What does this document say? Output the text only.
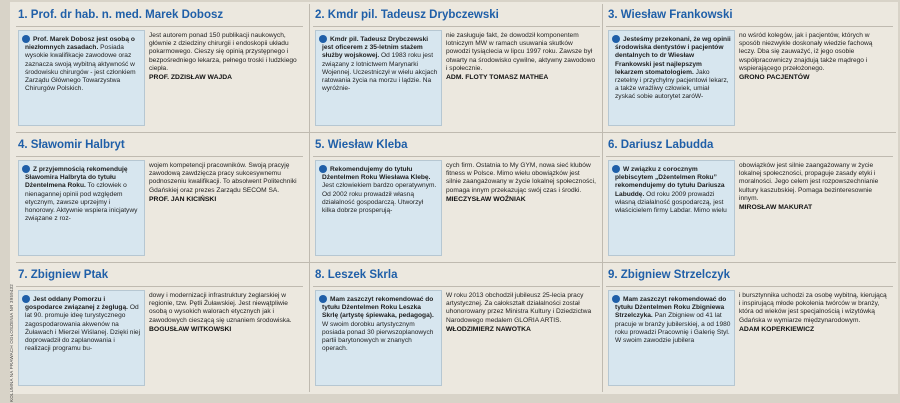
KOLUMNA NA PRAWACH OGŁOSZENIA NR 3959432
1. Prof. dr hab. n. med. Marek Dobosz
Prof. Marek Dobosz jest osobą o niezłomnych zasadach. Posiada wysokie kwalifikacje zawodowe oraz zaznacza swoją wybitną aktywność w środowisku chirurgów - jest członkiem Zarządu Głównego Towarzystwa Chirurgów Polskich.
Jest autorem ponad 150 publikacji naukowych, głównie z dziedziny chirurgii i endoskopii układu pokarmowego. Cieszy się opinią przystępnego i bezpośredniego lekarza, pełnego troski i ludzkiego ciepła.
PROF. ZDZISŁAW WAJDA
2. Kmdr pil. Tadeusz Drybczewski
Kmdr pil. Tadeusz Drybczewski jest oficerem z 35-letnim stażem służby wojskowej. Od 1983 roku jest związany z lotnictwem Marynarki Wojennej. Uczestniczył w wielu akcjach ratowania życia na morzu i lądzie. Na wyróżnie-
nie zasługuje fakt, że dowodził komponentem lotniczym MW w ramach usuwania skutków powodzi tysiąclecia w lipcu 1997 roku. Zawsze był otwarty na środowisko cywilne, aktywny zawodowo i społecznie.
ADM. FLOTY TOMASZ MATHEA
3. Wiesław Frankowski
Jesteśmy przekonani, że wg opinii środowiska dentystów i pacjentów dentalnych to dr Wiesław Frankowski jest najlepszym lekarzem stomatologiem. Jako rzetelny i przychylny pacjentowi lekarz, a także wrażliwy człowiek, umiał zyskać sobie autorytet zaróW-
no wśród kolegów, jak i pacjentów, których w sposób niezwykle doskonały wiedzie fachową leczy. Dba się zauważyć, iż jego osobie współpracowniczy znajdują także mądrego i wspierającego przełożonego.
GRONO PACJENTÓW
4. Sławomir Halbryt
Z przyjemnością rekomenduję Sławomira Halbryta do tytułu Dżentelmena Roku. To człowiek o nienagannej opinii pod względem etycznym, zawsze uprzejmy i honorowy. Aktywnie wspiera inicjatywy związane z roz-
wojem kompetencji pracowników. Swoją pracyję zawodową zawdzięcza pracy sukcesywnemu podnoszeniu kwalifikacji. To absolwent Politechniki Gdańskiej oraz prezes Zarządu SECOM SA.
PROF. JAN KICIŃSKI
5. Wiesław Kleba
Rekomendujemy do tytułu Dżentelmen Roku Wiesława Klebę. Jest człowiekiem bardzo operatywnym. Od 2002 roku prowadził własną działalność gospodarczą. Utworzył kilka dobrze prosperują-
cych firm. Ostatnia to My GYM, nowa sieć klubów fitness w Polsce. Mimo wielu obowiązków jest silnie zaangażowany w życie lokalnej społeczności, pomaga innym przekazując swój czas i środki.
MIECZYSŁAW WOŹNIAK
6. Dariusz Labudda
W związku z corocznym plebiscytem „Dżentelmen Roku” rekomendujemy do tytułu Dariusza Labuddę. Od roku 2009 prowadzi własną działalność gospodarczą, jest właścicielem firmy Labdar. Mimo wielu
obowiązków jest silnie zaangażowany w życie lokalnej społeczności, propaguje zasady etyki i moralności. Jego celem jest rozpowszechnianie kultury kaszubskiej. Pomaga bezinteresownie innym.
MIROSŁAW MAKURAT
7. Zbigniew Ptak
Jest oddany Pomorzu i gospodarce związanej z żeglugą. Od lat 90. promuje ideę turystycznego zagospodarowania akwenów na Żuławach i Mierzei Wiślanej. Dzięki niej doprowadził do zaplanowania i realizacji programu bu-
dowy i modernizacji infrastruktury żeglarskiej w regionie, tzw. Pętli Żuławskiej. Jest niewątpliwie osobą o wysokich walorach etycznych jak i zawodowych cieszącą się uznaniem środowiska.
BOGUSŁAW WITKOWSKI
8. Leszek Skrla
Mam zaszczyt rekomendować do tytułu Dżentelmen Roku Leszka Skrlę (artystę śpiewaka, pedagoga). W swoim dorobku artystycznym posiada ponad 30 pierwszoplanowych partii barytonowych w znanych operach.
W roku 2013 obchodził jubileusz 25-lecia pracy artystycznej. Za całokształt działalności został uhonorowany przez Ministra Kultury i Dziedzictwa Narodowego medalem GLORIA ARTIS.
WŁODZIMIERZ NAWOTKA
9. Zbigniew Strzelczyk
Mam zaszczyt rekomendować do tytułu Dżentelmen Roku Zbigniewa Strzelczyka. Pan Zbigniew od 41 lat pracuje w branży jubilerskiej, a od 1980 roku prowadzi Pracownię i Galerię Styl. W swoim zawodzie jubilera
i bursztynnika uchodzi za osobę wybitną, kierującą i inspirującą młode pokolenia twórców w branży, która od wieków jest specjalnością i wizytówką Gdańska w wymiarze międzynarodowym.
ADAM KOPERKIEWICZ
